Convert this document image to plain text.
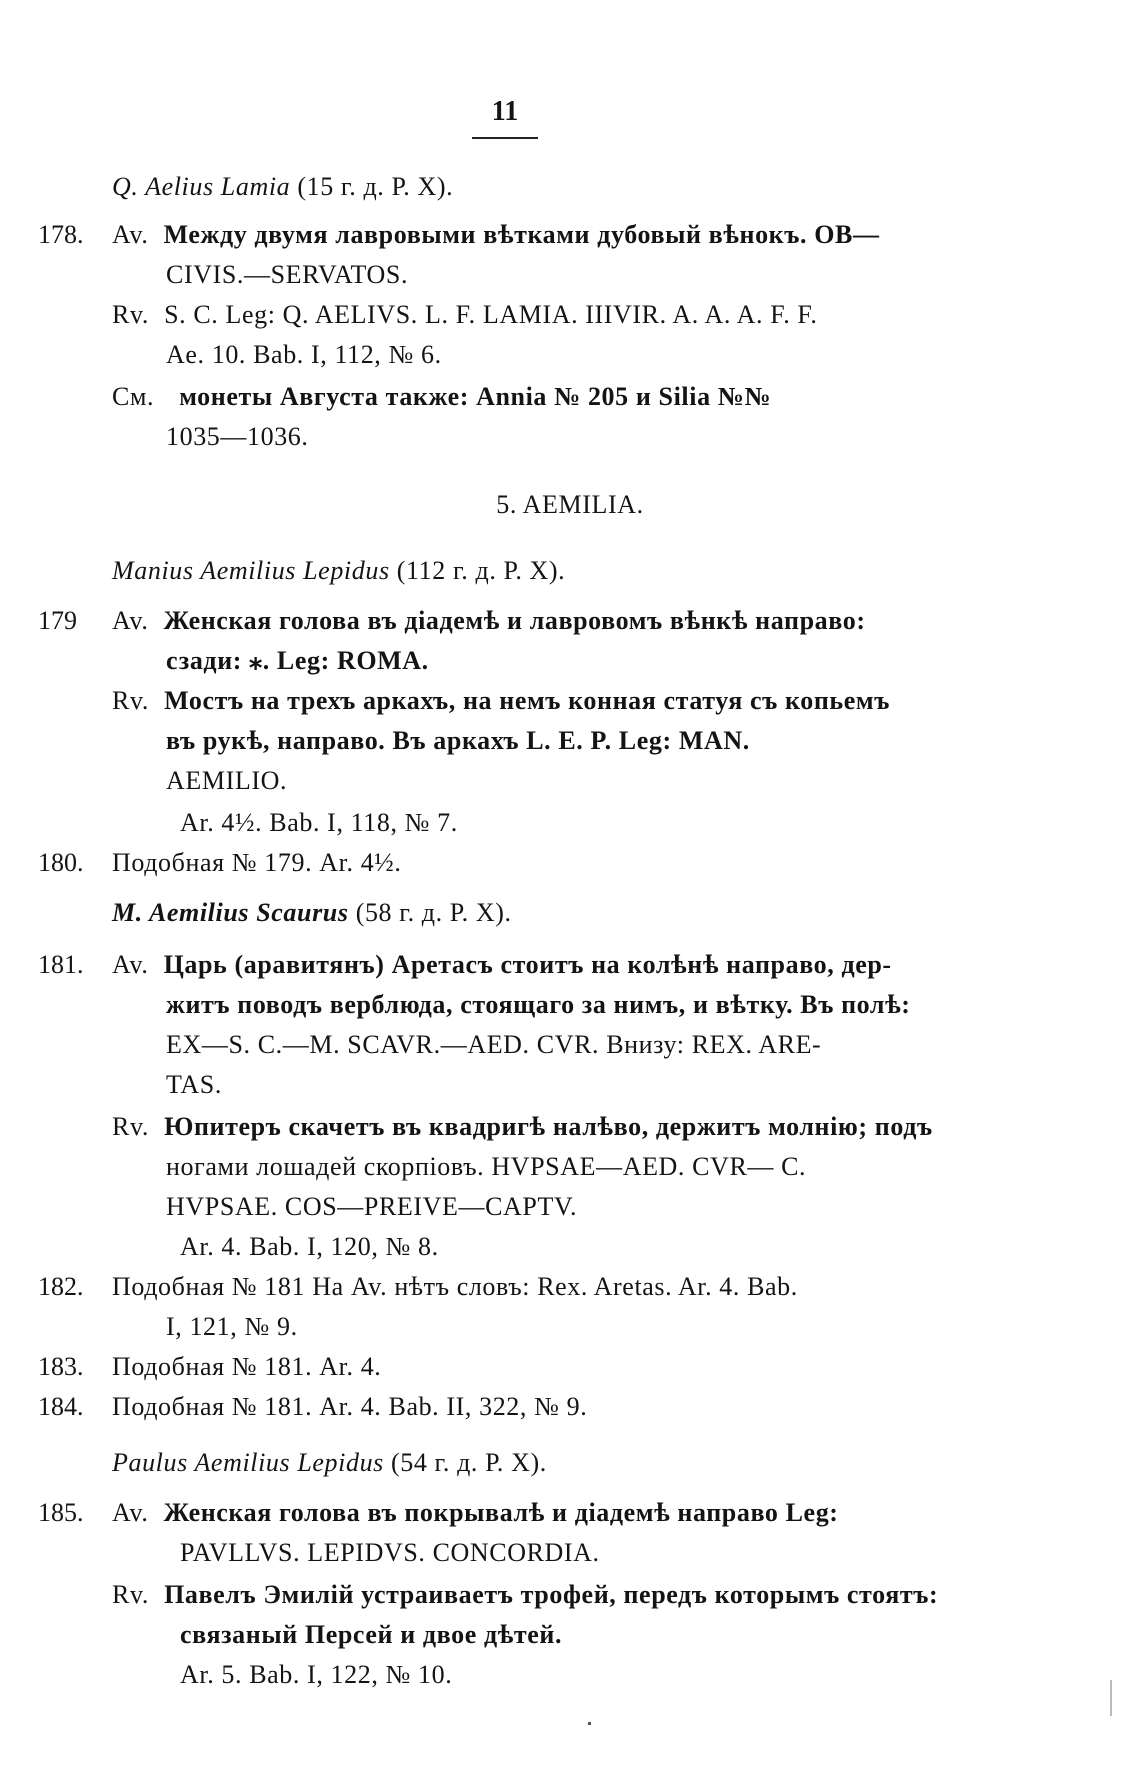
11
Q. Aelius Lamia (15 г. д. Р. Х).
178. Av. Между двумя лавровыми вѣтками дубовый вѣнокъ. OB—
CIVIS.—SERVATOS.
Rv. S. C. Leg: Q. AELIVS. L. F. LAMIA. IIIVIR. A. A. A. F. F.
Ae. 10. Bab. I, 112, № 6.
См. монеты Августа также: Annia № 205 и Silia №№
1035—1036.
5. AEMILIA.
Manius Aemilius Lepidus (112 г. д. Р. Х).
179 Av. Женская голова въ діадемѣ и лавровомъ вѣнкѣ направо:
сзади: ⁎. Leg: ROMA.
Rv. Мостъ на трехъ аркахъ, на немъ конная статуя съ копьемъ
въ рукѣ, направо. Въ аркахъ L. E. P. Leg: MAN.
AEMILIO.
Ar. 4½. Bab. I, 118, № 7.
180. Подобная № 179. Ar. 4½.
M. Aemilius Scaurus (58 г. д. Р. Х).
181. Av. Царь (аравитянъ) Аретасъ стоитъ на колѣнѣ направо, дер-
житъ поводъ верблюда, стоящаго за нимъ, и вѣтку. Въ полѣ:
EX—S. C.—M. SCAVR.—AED. CVR. Внизу: REX. ARE-
TAS.
Rv. Юпитеръ скачетъ въ квадригѣ налѣво, держитъ молнію; подъ
ногами лошадей скорпіовъ. HVPSAE—AED. CVR— C.
HVPSAE. COS—PREIVE—CAPTV.
Ar. 4. Bab. I, 120, № 8.
182. Подобная № 181 На Av. нѣтъ словъ: Rex. Aretas. Ar. 4. Bab.
I, 121, № 9.
183. Подобная № 181. Ar. 4.
184. Подобная № 181. Ar. 4. Bab. II, 322, № 9.
Paulus Aemilius Lepidus (54 г. д. Р. Х).
185. Av. Женская голова въ покрывалѣ и діадемѣ направо Leg:
PAVLLVS. LEPIDVS. CONCORDIA.
Rv. Павелъ Эмилій устраиваетъ трофей, передъ которымъ стоятъ:
связаный Персей и двое дѣтей.
Ar. 5. Bab. I, 122, № 10.
